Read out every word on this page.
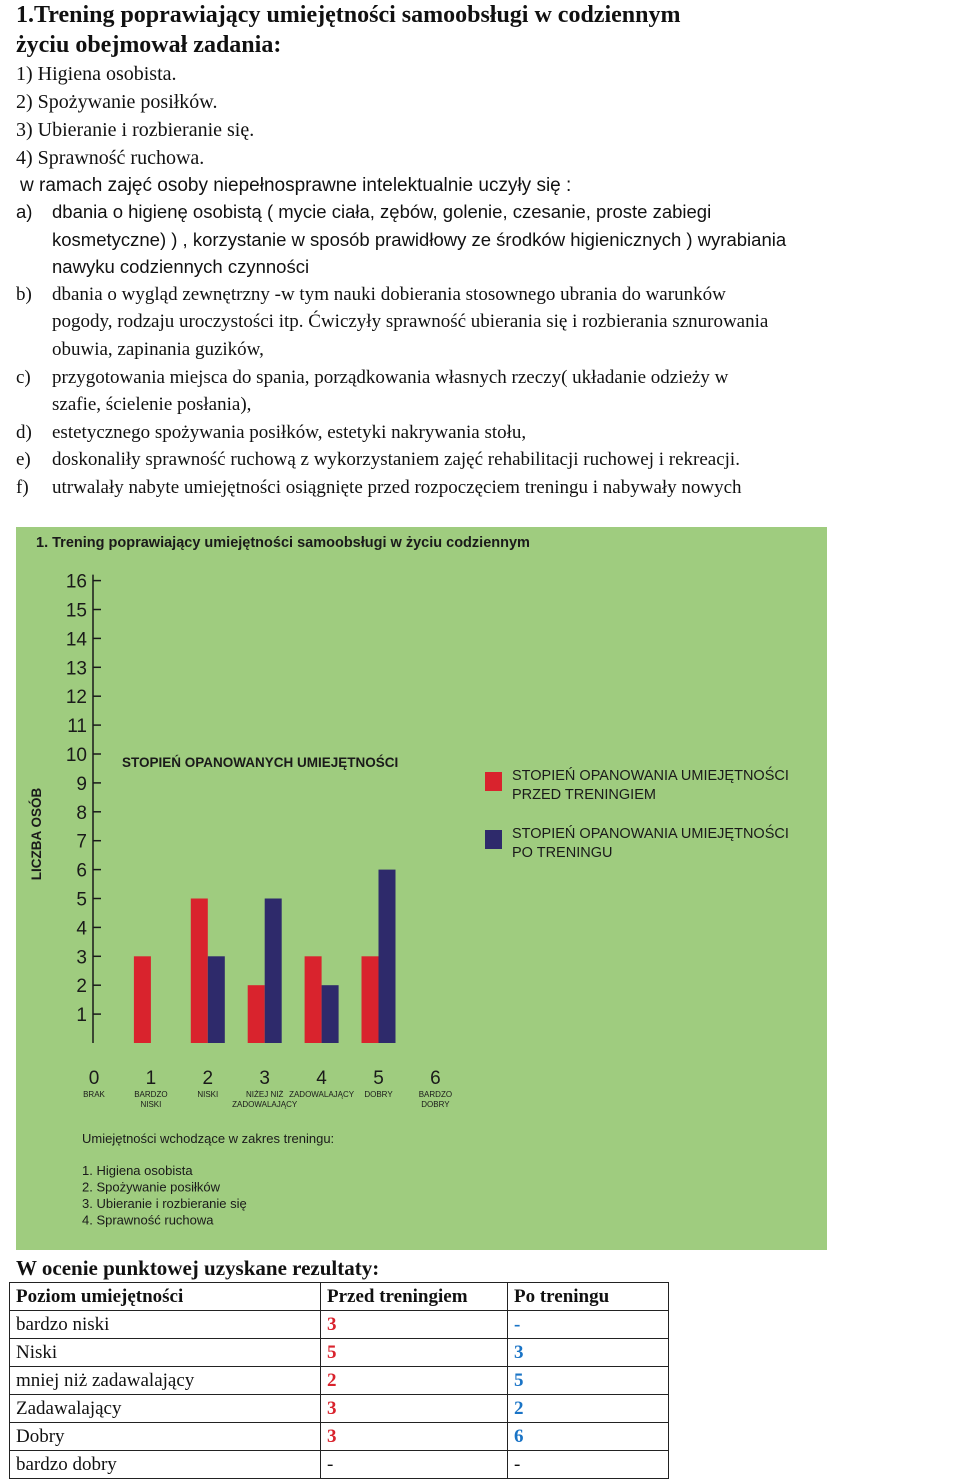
1.Trening poprawiający umiejętności samoobsługi w codziennym
życiu obejmował zadania:
1) Higiena osobista.
2) Spożywanie posiłków.
3) Ubieranie i rozbieranie się.
4) Sprawność ruchowa.
w ramach zajęć osoby niepełnosprawne intelektualnie uczyły się :
a)	dbania o higienę osobistą ( mycie ciała, zębów, golenie, czesanie, proste zabiegi
kosmetyczne) ) , korzystanie w sposób prawidłowy ze środków higienicznych ) wyrabiania
nawyku codziennych czynności
b)	dbania o wygląd zewnętrzny -w tym nauki dobierania stosownego ubrania do warunków
pogody, rodzaju uroczystości itp. Ćwiczyły sprawność ubierania się i rozbierania sznurowania
obuwia, zapinania guzików,
c)	przygotowania miejsca do spania, porządkowania własnych rzeczy( układanie odzieży w
szafie, ścielenie posłania),
d)	estetycznego spożywania posiłków, estetyki nakrywania stołu,
e)	doskonaliły sprawność ruchową z wykorzystaniem zajęć rehabilitacji ruchowej i rekreacji.
f)	utrwalały nabyte umiejętności osiągnięte przed rozpoczęciem treningu i nabywały nowych
1. Trening poprawiający umiejętności samoobsługi w życiu codziennym
STOPIEŃ OPANOWANYCH UMIEJĘTNOŚCI
LICZBA OSÓB
1
2
3
4
5
6
7
8
9
10
11
12
13
14
15
16
0
BRAK
1
BARDZO
NISKI
2
NISKI
3
NIŻEJ NIŻ
ZADOWALAJĄCY
4
ZADOWALAJĄCY
5
DOBRY
6
BARDZO
DOBRY
STOPIEŃ OPANOWANIA UMIEJĘTNOŚCI
PRZED TRENINGIEM
STOPIEŃ OPANOWANIA UMIEJĘTNOŚCI
PO TRENINGU
Umiejętności wchodzące w zakres treningu:
1. Higiena osobista
2. Spożywanie posiłków
3. Ubieranie i rozbieranie się
4. Sprawność ruchowa
W ocenie punktowej uzyskane rezultaty:
Poziom umiejętności	Przed treningiem	Po treningu
bardzo niski	3	-
Niski	5	3
mniej niż zadawalający	2	5
Zadawalający	3	2
Dobry	3	6
bardzo dobry	-	-
